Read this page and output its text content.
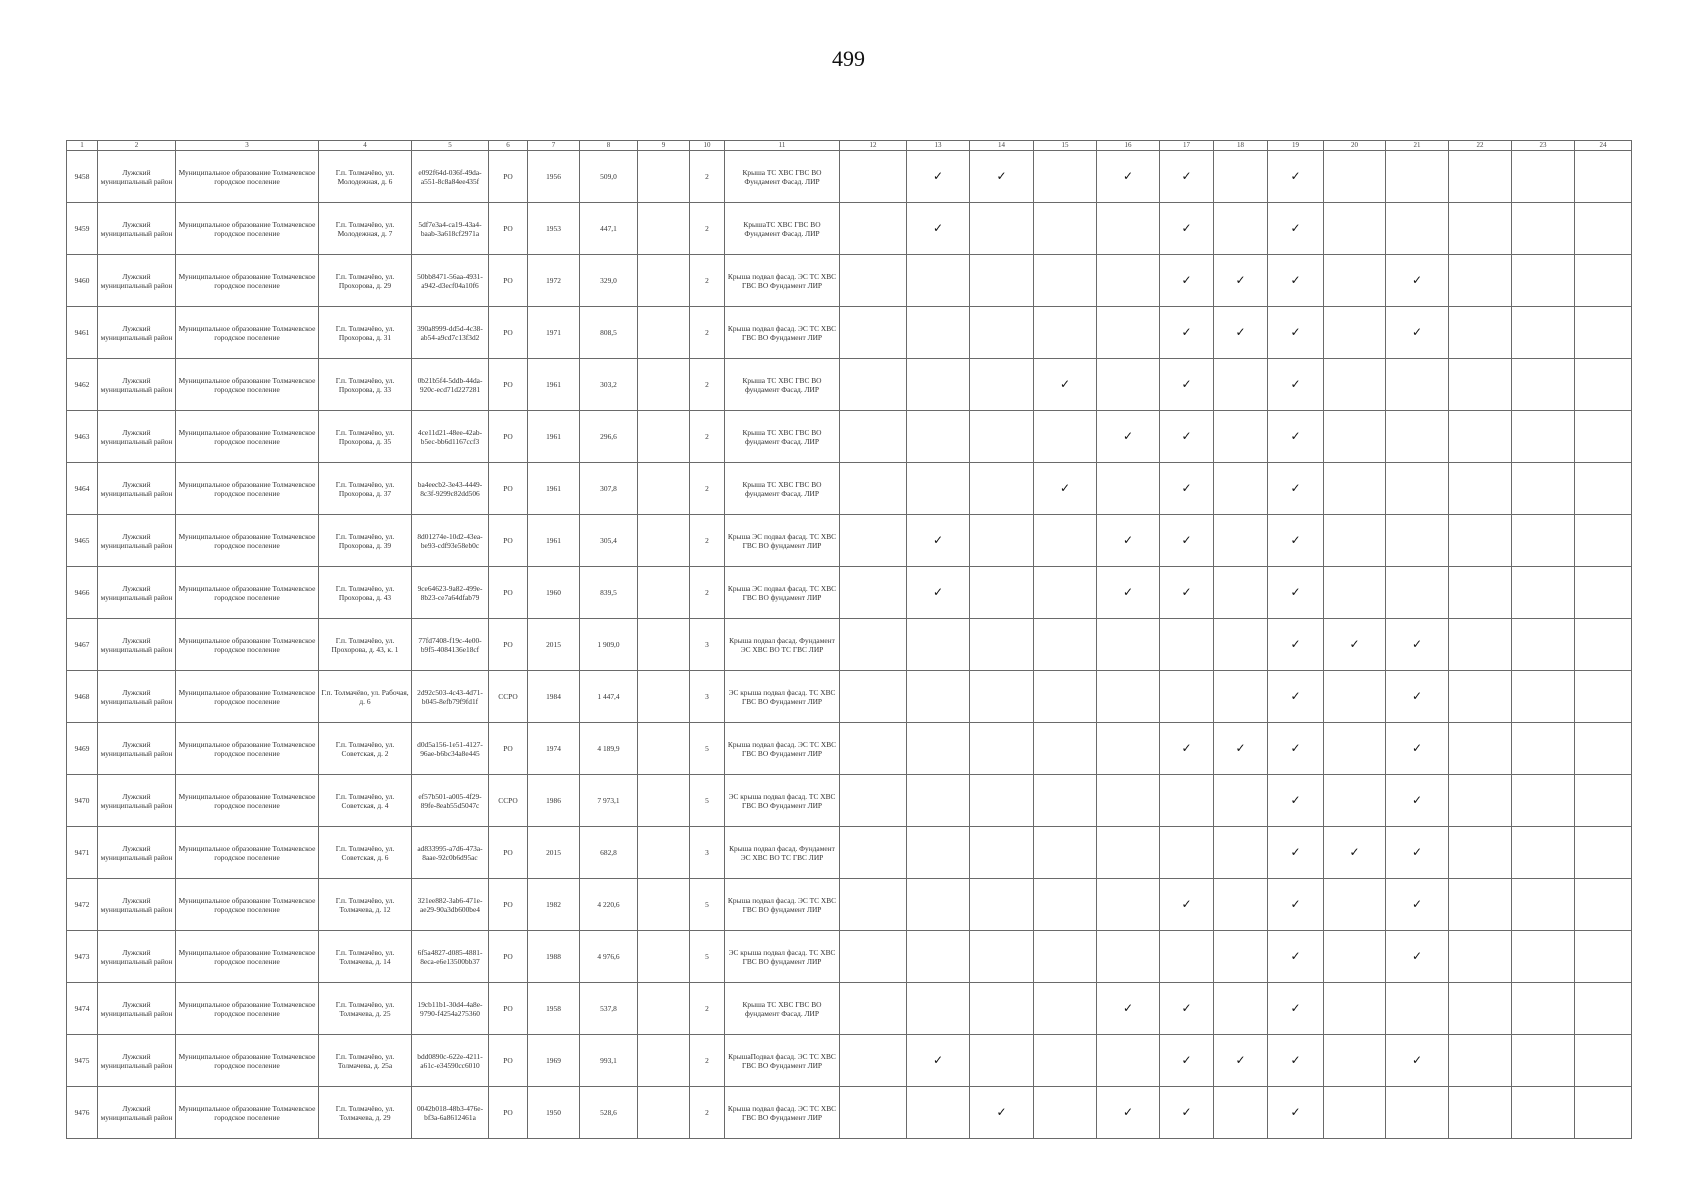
499
1	2	3	4	5	6	7	8	9	10	11	12	13	14	15	16	17	18	19	20	21	22	23	24
9458	Лужский муниципальный район	Муниципальное образование Толмачевское городское поселение	Г.п. Толмачёво, ул. Молодежная, д. 6	e092f64d-036f-49da-a551-8c8a84ee435f	РО	1956	509,0		2	Крыша ТС ХВС ГВС ВО Фундамент Фасад. ЛИР		✓	✓		✓	✓		✓					
9459	Лужский муниципальный район	Муниципальное образование Толмачевское городское поселение	Г.п. Толмачёво, ул. Молодежная, д. 7	5df7e3a4-ca19-43a4-baab-3a618cf2971a	РО	1953	447,1		2	КрышаТС ХВС ГВС ВО Фундамент Фасад. ЛИР		✓				✓		✓					
9460	Лужский муниципальный район	Муниципальное образование Толмачевское городское поселение	Г.п. Толмачёво, ул. Прохорова, д. 29	50bb8471-56aa-4931-a942-d3ecf04a10f6	РО	1972	329,0		2	Крыша подвал фасад. ЭС ТС ХВС ГВС ВО Фундамент ЛИР						✓	✓	✓		✓			
9461	Лужский муниципальный район	Муниципальное образование Толмачевское городское поселение	Г.п. Толмачёво, ул. Прохорова, д. 31	390a8999-dd5d-4c38-ab54-a9cd7c13f3d2	РО	1971	808,5		2	Крыша подвал фасад. ЭС ТС ХВС ГВС ВО Фундамент ЛИР						✓	✓	✓		✓			
9462	Лужский муниципальный район	Муниципальное образование Толмачевское городское поселение	Г.п. Толмачёво, ул. Прохорова, д. 33	0b21b5f4-5ddb-44da-920c-ecd71d227281	РО	1961	303,2		2	Крыша ТС ХВС ГВС ВО фундамент Фасад. ЛИР				✓		✓		✓					
9463	Лужский муниципальный район	Муниципальное образование Толмачевское городское поселение	Г.п. Толмачёво, ул. Прохорова, д. 35	4ce11d21-48ee-42ab-b5ec-bb6d1167ccf3	РО	1961	296,6		2	Крыша ТС ХВС ГВС ВО фундамент Фасад. ЛИР					✓	✓		✓					
9464	Лужский муниципальный район	Муниципальное образование Толмачевское городское поселение	Г.п. Толмачёво, ул. Прохорова, д. 37	ba4eecb2-3e43-4449-8c3f-9299c82dd506	РО	1961	307,8		2	Крыша ТС ХВС ГВС ВО фундамент Фасад. ЛИР				✓		✓		✓					
9465	Лужский муниципальный район	Муниципальное образование Толмачевское городское поселение	Г.п. Толмачёво, ул. Прохорова, д. 39	8d01274e-10d2-43ea-be93-cdf93e58eb0c	РО	1961	305,4		2	Крыша ЭС подвал фасад. ТС ХВС ГВС ВО фундамент ЛИР		✓			✓	✓		✓					
9466	Лужский муниципальный район	Муниципальное образование Толмачевское городское поселение	Г.п. Толмачёво, ул. Прохорова, д. 43	9ce64623-9a82-499e-8b23-ce7a64dfab79	РО	1960	839,5		2	Крыша ЭС подвал фасад. ТС ХВС ГВС ВО фундамент ЛИР		✓			✓	✓		✓					
9467	Лужский муниципальный район	Муниципальное образование Толмачевское городское поселение	Г.п. Толмачёво, ул. Прохорова, д. 43, к. 1	77fd7408-f19c-4e00-b9f5-4084136e18cf	РО	2015	1 909,0		3	Крыша подвал фасад. Фундамент ЭС ХВС ВО ТС ГВС ЛИР								✓	✓	✓			
9468	Лужский муниципальный район	Муниципальное образование Толмачевское городское поселение	Г.п. Толмачёво, ул. Рабочая, д. 6	2d92c503-4c43-4d71-b045-8efb79f9fd1f	ССРО	1984	1 447,4		3	ЭС крыша подвал фасад. ТС ХВС ГВС ВО Фундамент ЛИР								✓		✓			
9469	Лужский муниципальный район	Муниципальное образование Толмачевское городское поселение	Г.п. Толмачёво, ул. Советская, д. 2	d0d5a156-1e51-4127-96ae-b6bc34a8e445	РО	1974	4 189,9		5	Крыша подвал фасад. ЭС ТС ХВС ГВС ВО Фундамент ЛИР						✓	✓	✓		✓			
9470	Лужский муниципальный район	Муниципальное образование Толмачевское городское поселение	Г.п. Толмачёво, ул. Советская, д. 4	ef57b501-a005-4f29-89fe-8eab55d5047c	ССРО	1986	7 973,1		5	ЭС крыша подвал фасад. ТС ХВС ГВС ВО Фундамент ЛИР								✓		✓			
9471	Лужский муниципальный район	Муниципальное образование Толмачевское городское поселение	Г.п. Толмачёво, ул. Советская, д. 6	ad833995-a7d6-473a-8aae-92c0b6d95ac	РО	2015	682,8		3	Крыша подвал фасад. Фундамент ЭС ХВС ВО ТС ГВС ЛИР								✓	✓	✓			
9472	Лужский муниципальный район	Муниципальное образование Толмачевское городское поселение	Г.п. Толмачёво, ул. Толмачева, д. 12	321ee882-3ab6-471e-ae29-90a3db600be4	РО	1982	4 220,6		5	Крыша подвал фасад. ЭС ТС ХВС ГВС ВО фундамент ЛИР						✓		✓		✓			
9473	Лужский муниципальный район	Муниципальное образование Толмачевское городское поселение	Г.п. Толмачёво, ул. Толмачева, д. 14	6f5a4827-d085-4881-8eca-e6e13500bb37	РО	1988	4 976,6		5	ЭС крыша подвал фасад. ТС ХВС ГВС ВО фундамент ЛИР								✓		✓			
9474	Лужский муниципальный район	Муниципальное образование Толмачевское городское поселение	Г.п. Толмачёво, ул. Толмачева, д. 25	19cb11b1-30d4-4a8e-9790-f4254a275360	РО	1958	537,8		2	Крыша ТС ХВС ГВС ВО фундамент Фасад. ЛИР					✓	✓		✓					
9475	Лужский муниципальный район	Муниципальное образование Толмачевское городское поселение	Г.п. Толмачёво, ул. Толмачева, д. 25а	bdd0890c-622e-4211-a61c-e34590cc6010	РО	1969	993,1		2	КрышаПодвал фасад. ЭС ТС ХВС ГВС ВО Фундамент ЛИР		✓				✓	✓	✓		✓			
9476	Лужский муниципальный район	Муниципальное образование Толмачевское городское поселение	Г.п. Толмачёво, ул. Толмачева, д. 29	0042b018-48b3-476e-bf3a-6a8612461a	РО	1950	528,6		2	Крыша подвал фасад. ЭС ТС ХВС ГВС ВО Фундамент ЛИР			✓		✓	✓		✓					
